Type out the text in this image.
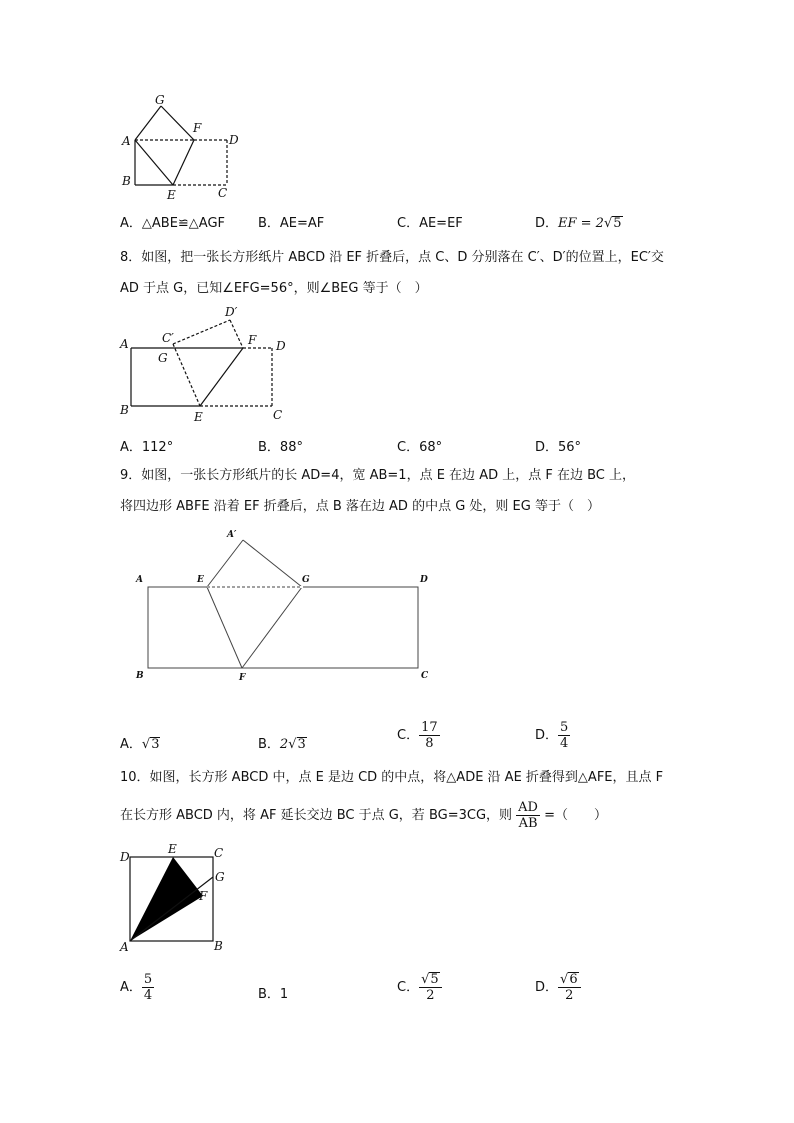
G
F
A	D
B
E	C
A．△ABE≌△AGF	B．AE=AF	C．AE=EF	D．EF = 2√5
8．如图，把一张长方形纸片 ABCD 沿 EF 折叠后，点 C、D 分别落在 C′、D′的位置上，EC′交
AD 于点 G，已知∠EFG=56°，则∠BEG 等于（　）
D′
C′
A	F D
G
B	E	C
A．112°	B．88°	C．68°	D．56°
9．如图，一张长方形纸片的长 AD=4，宽 AB=1，点 E 在边 AD 上，点 F 在边 BC 上，
将四边形 ABFE 沿着 EF 折叠后，点 B 落在边 AD 的中点 G 处，则 EG 等于（　）
A′
A	E	G	D
B	F	C
A．√3	B．2√3
C． $\frac{17}{8}$	D． $\frac{5}{4}$
10．如图，长方形 ABCD 中，点 E 是边 CD 的中点，将△ADE 沿 AE 折叠得到△AFE，且点 F
在长方形 ABCD 内，将 AF 延长交边 BC 于点 G，若 BG=3CG，则 $\frac{AD}{AB}$ =（　　）
D
E	C
G
F
A	B
A． $\frac{5}{4}$	B．1	C． $\frac{√5}{2}$	D． $\frac{√6}{2}$
